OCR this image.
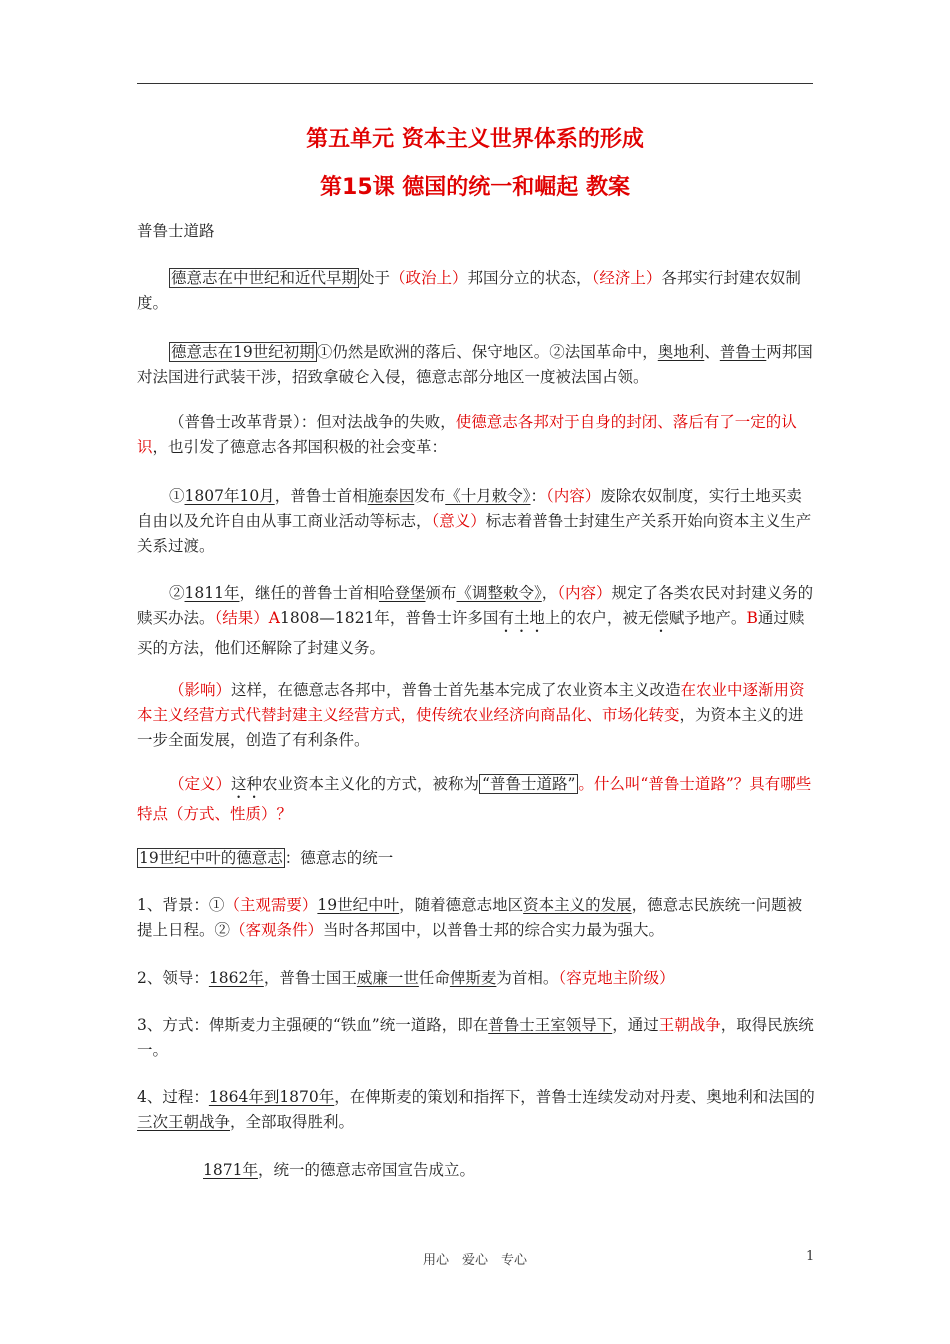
第五单元 资本主义世界体系的形成
第15课 德国的统一和崛起 教案
普鲁士道路
德意志在中世纪和近代早期 处于（政治上）邦国分立的状态，（经济上）各邦实行封建农奴制度。
德意志在19世纪初期 ①仍然是欧洲的落后、保守地区。②法国革命中，奥地利、普鲁士两邦国对法国进行武装干涉，招致拿破仑入侵，德意志部分地区一度被法国占领。
（普鲁士改革背景）：但对法战争的失败，使德意志各邦对于自身的封闭、落后有了一定的认识，也引发了德意志各邦国积极的社会变革：
①1807年10月，普鲁士首相施泰因发布《十月敕令》：（内容）废除农奴制度，实行土地买卖自由以及允许自由从事工商业活动等标志，（意义）标志着普鲁士封建生产关系开始向资本主义生产关系过渡。
②1811年，继任的普鲁士首相哈登堡颁布《调整敕令》，（内容）规定了各类农民对封建义务的赎买办法。（结果）A1808—1821年，普鲁士许多国有土地上的农户，被无偿赋予地产。B通过赎买的方法，他们还解除了封建义务。
（影响）这样，在德意志各邦中，普鲁士首先基本完成了农业资本主义改造在农业中逐渐用资本主义经营方式代替封建主义经营方式，使传统农业经济向商品化、市场化转变，为资本主义的进一步全面发展，创造了有利条件。
（定义）这种农业资本主义化的方式，被称为 “普鲁士道路” 。什么叫“普鲁士道路”？具有哪些特点（方式、性质）？
19世纪中叶的德意志 ：德意志的统一
1、背景：①（主观需要）19世纪中叶，随着德意志地区资本主义的发展，德意志民族统一问题被提上日程。②（客观条件）当时各邦国中，以普鲁士邦的综合实力最为强大。
2、领导：1862年，普鲁士国王威廉一世任命俾斯麦为首相。（容克地主阶级）
3、方式：俾斯麦力主强硬的“铁血”统一道路，即在普鲁士王室领导下，通过王朝战争，取得民族统一。
4、过程：1864年到1870年，在俾斯麦的策划和指挥下，普鲁士连续发动对丹麦、奥地利和法国的三次王朝战争，全部取得胜利。
1871年，统一的德意志帝国宣告成立。
用心　爱心　专心	1
